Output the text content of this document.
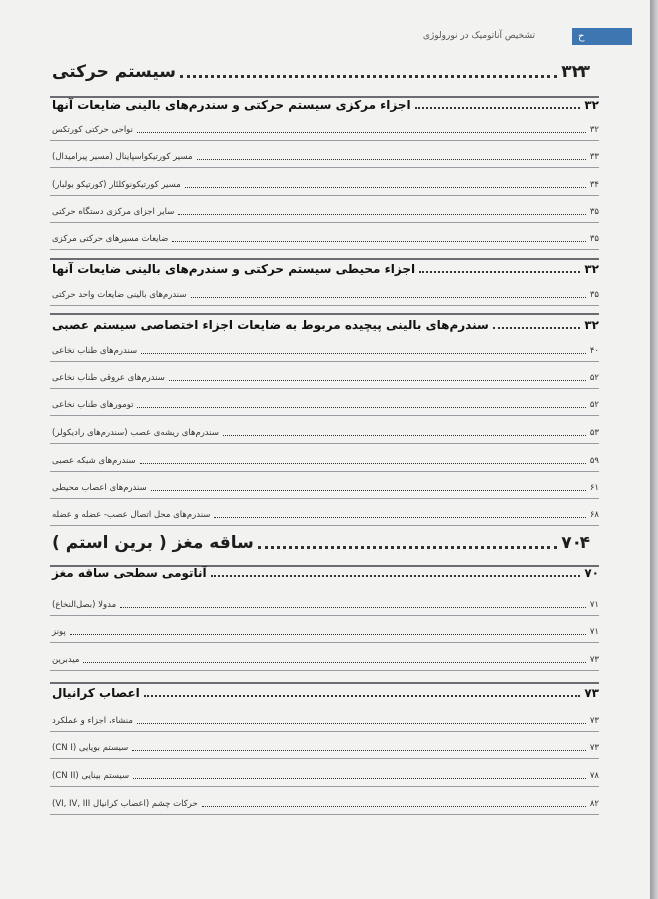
تشخیص آناتومیک در نورولوژی	ح
۳
سیستم حرکتی	۳۲
اجزاء مرکزی سیستم حرکتی و سندرم‌های بالینی ضایعات آنها	۳۲
نواحی حرکتی کورتکس	۳۲
مسیر کورتیکواسپاینال (مسیر پیرامیدال)	۳۳
مسیر کورتیکونوکلئار (کورتیکو بولبار)	۳۴
سایر اجزای مرکزی دستگاه حرکتی	۳۵
ضایعات مسیرهای حرکتی مرکزی	۳۵
اجزاء محیطی سیستم حرکتی و سندرم‌های بالینی ضایعات آنها	۳۲
سندرم‌های بالینی ضایعات واحد حرکتی	۳۵
سندرم‌های بالینی پیچیده مربوط به ضایعات اجزاء اختصاصی سیستم عصبی	۳۲
سندرم‌های طناب نخاعی	۴۰
سندرم‌های عروقی طناب نخاعی	۵۲
تومورهای طناب نخاعی	۵۲
سندرم‌های ریشه‌ی عصب (سندرم‌های رادیکولر)	۵۳
سندرم‌های شبکه عصبی	۵۹
سندرم‌های اعصاب محیطی	۶۱
سندرم‌های محل اتصال عصب- عضله و عضله	۶۸
۴
ساقه مغز ( برین استم )	۷۰
آناتومی سطحی ساقه مغز	۷۰
مدولا (بصل‌النخاع)	۷۱
پونز	۷۱
میدبرین	۷۳
اعصاب کرانیال	۷۳
منشاء، اجزاء و عملکرد	۷۳
سیستم بویایی (CN I)	۷۳
سیستم بینایی (CN II)	۷۸
حرکات چشم (اعصاب کرانیال VI, IV, III)	۸۲
